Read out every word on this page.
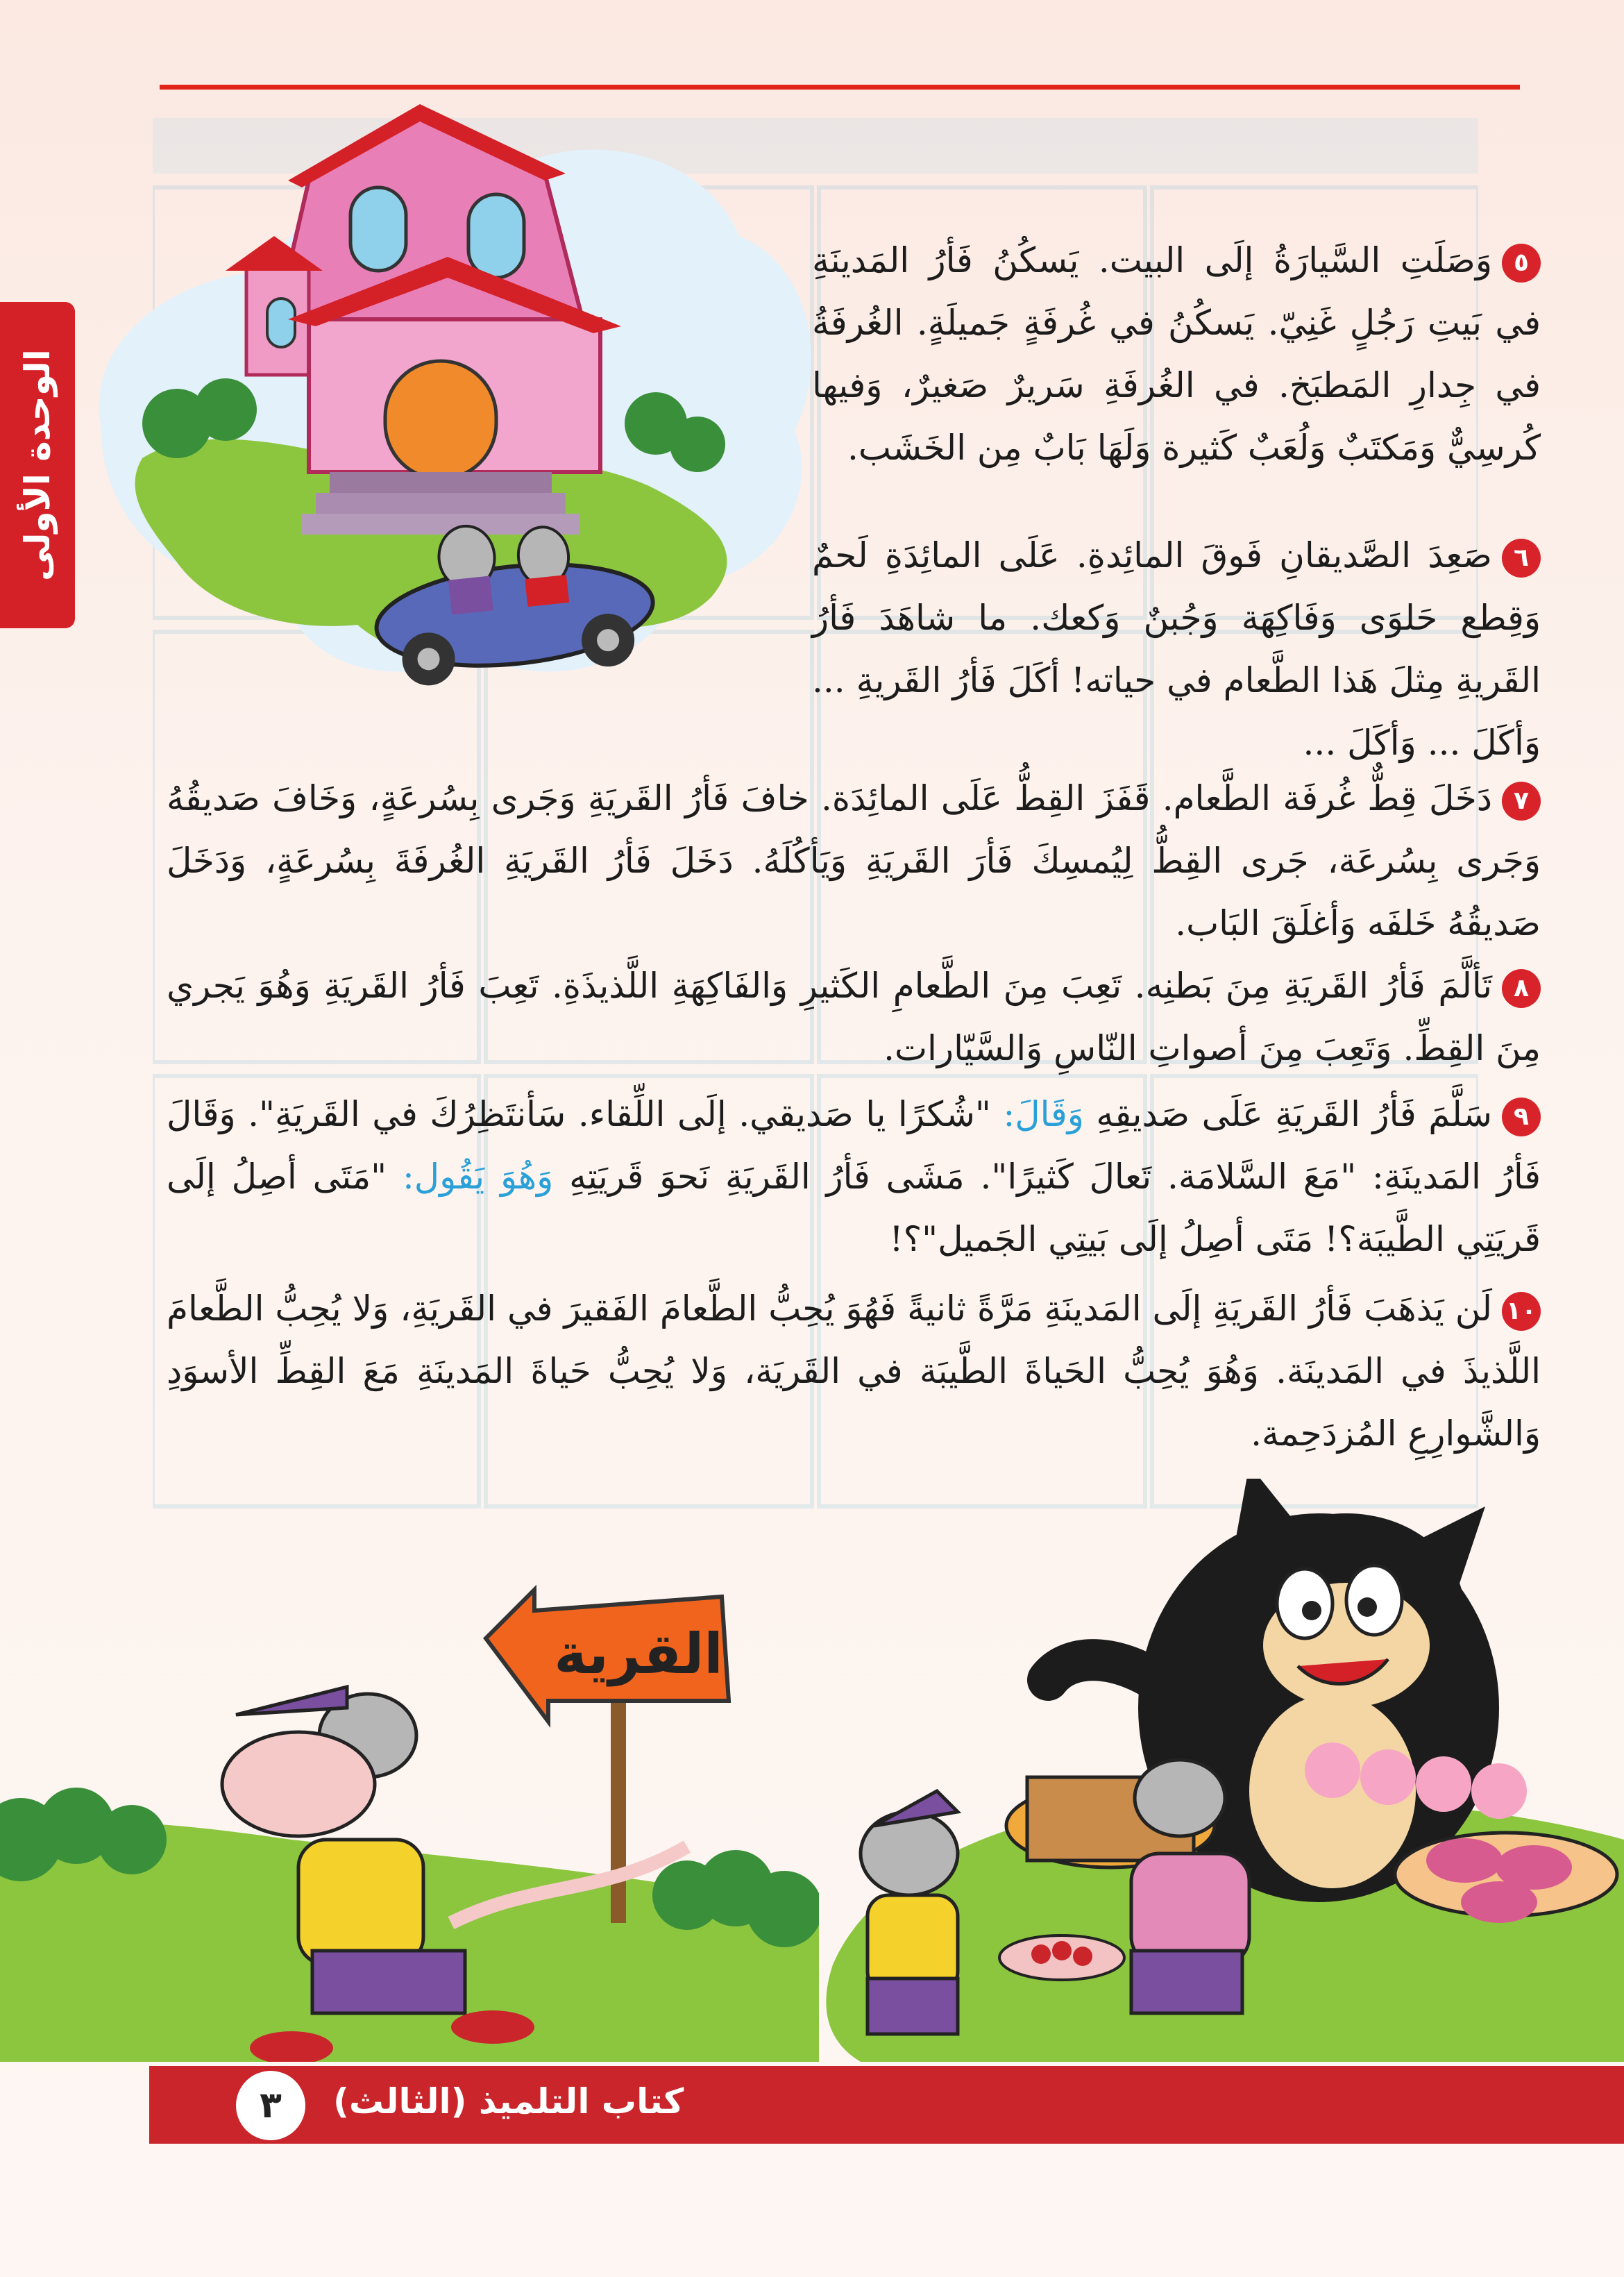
الوحدة الأولى
٥وَصَلَتِ السَّيارَةُ إلَى البيت. يَسكُنُ فَأرُ المَدينَةِ في بَيتِ رَجُلٍ غَنِيّ. يَسكُنُ في غُرفَةٍ جَميلَةٍ. الغُرفَةُ في جِدارِ المَطبَخ. في الغُرفَةِ سَريرٌ صَغيرٌ، وَفيها كُرسِيٌّ وَمَكتَبٌ وَلُعَبٌ كَثيرة وَلَهَا بَابٌ مِن الخَشَب.
٦صَعِدَ الصَّديقانِ فَوقَ المائِدةِ. عَلَى المائِدَةِ لَحمٌ وَقِطع حَلوَى وَفَاكِهَة وَجُبنٌ وَكعك. ما شاهَدَ فَأرُ القَريةِ مِثلَ هَذا الطَّعام في حياته! أكَلَ فَأرُ القَريةِ ... وَأكَلَ ... وَأكَلَ ...
٧دَخَلَ قِطٌّ غُرفَة الطَّعام. قَفَزَ القِطُّ عَلَى المائِدَة. خافَ فَأرُ القَريَةِ وَجَرى بِسُرعَةٍ، وَخَافَ صَديقُهُ وَجَرى بِسُرعَة، جَرى القِطُّ لِيُمسِكَ فَأرَ القَريَةِ وَيَأكُلَهُ. دَخَلَ فَأرُ القَريَةِ الغُرفَةَ بِسُرعَةٍ، وَدَخَلَ صَديقُهُ خَلفَه وَأغلَقَ البَاب.
٨تَألَّمَ فَأرُ القَريَةِ مِنَ بَطنِه. تَعِبَ مِنَ الطَّعامِ الكَثيرِ وَالفَاكِهَةِ اللَّذيذَةِ. تَعِبَ فَأرُ القَريَةِ وَهُوَ يَجري مِنَ القِطِّ. وَتَعِبَ مِنَ أصواتِ النّاسِ وَالسَّيّارات.
٩سَلَّمَ فَأرُ القَريَةِ عَلَى صَديقِهِ وَقَالَ: "شُكرًا يا صَديقي. إلَى اللِّقاء. سَأنتَظِرُكَ في القَريَةِ". وَقَالَ فَأرُ المَدينَةِ: "مَعَ السَّلامَة. تَعالَ كَثيرًا". مَشَى فَأرُ القَريَةِ نَحوَ قَريَتِهِ وَهُوَ يَقُول: "مَتَى أصِلُ إلَى قَريَتِي الطَّيبَة؟! مَتَى أصِلُ إلَى بَيتِي الجَميل"؟!
١٠لَن يَذهَبَ فَأرُ القَريَةِ إلَى المَدينَةِ مَرَّةً ثانيةً فَهُوَ يُحِبُّ الطَّعامَ الفَقيرَ في القَريَةِ، وَلا يُحِبُّ الطَّعامَ اللَّذيذَ في المَدينَة. وَهُوَ يُحِبُّ الحَياةَ الطَّيبَة في القَريَة، وَلا يُحِبُّ حَياةَ المَدينَةِ مَعَ القِطِّ الأسوَدِ وَالشَّوارِعِ المُزدَحِمة.
القرية
٣	كتاب التلميذ (الثالث)
